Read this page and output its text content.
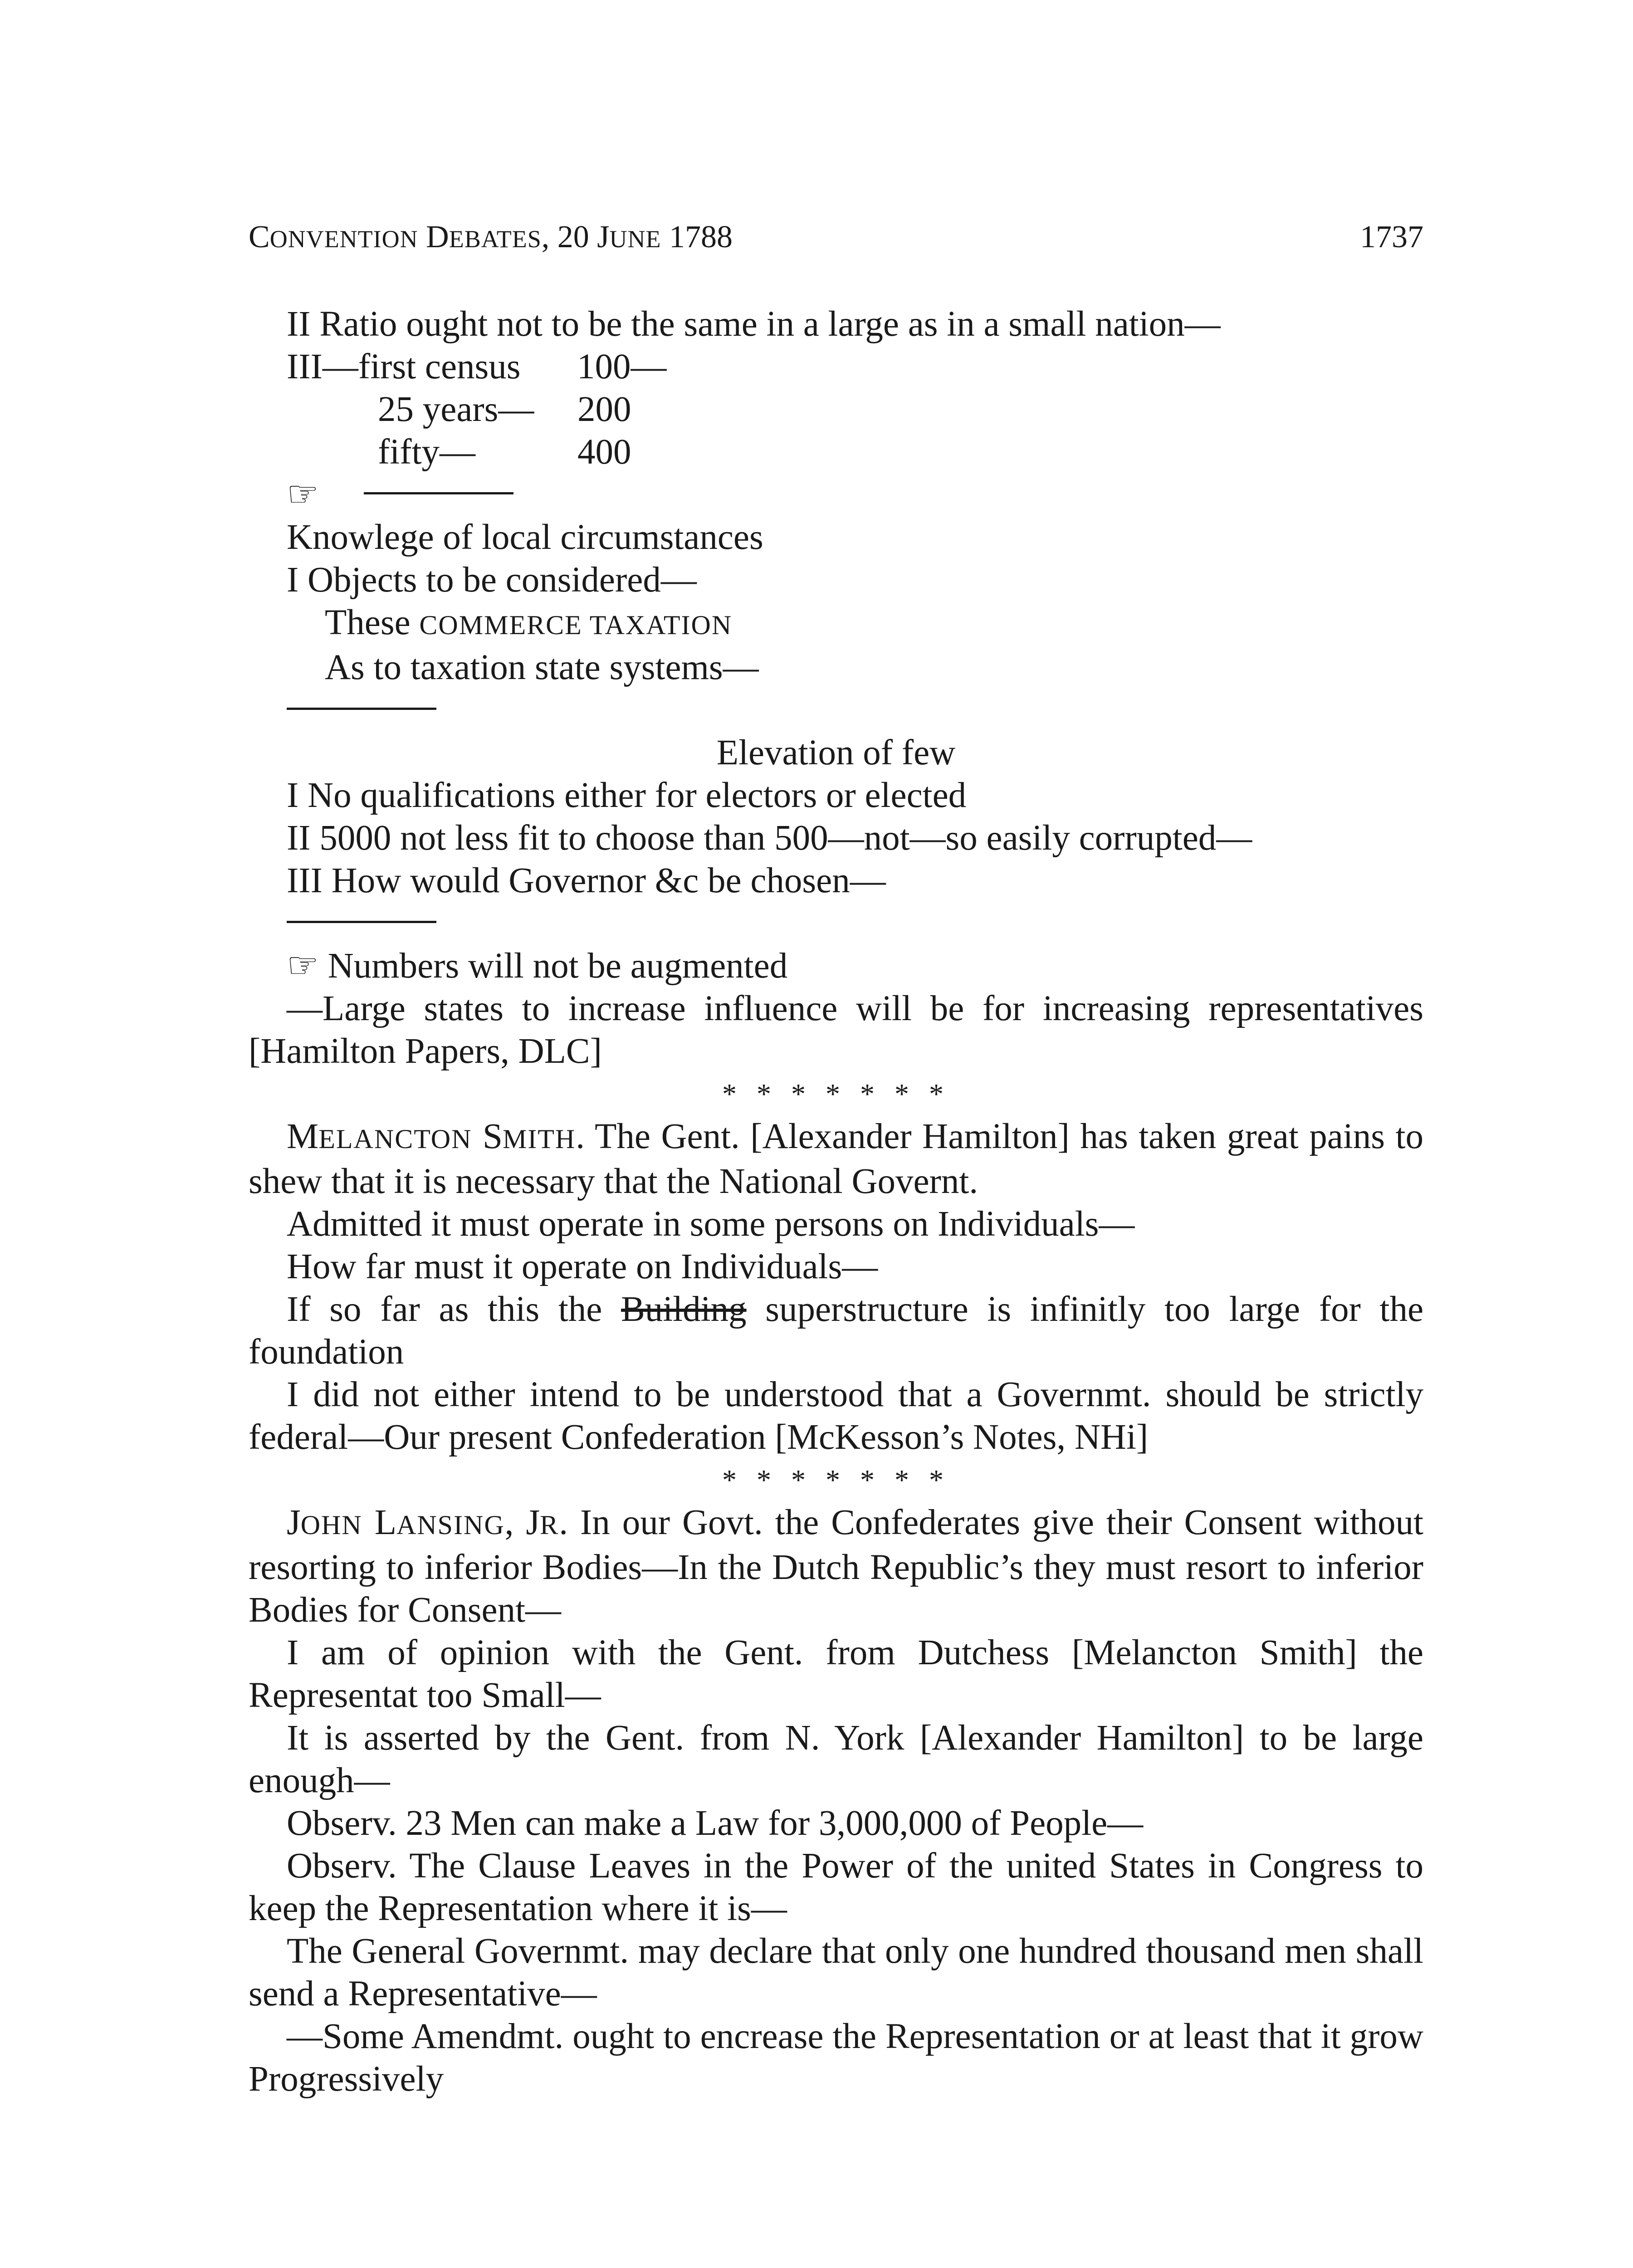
CONVENTION DEBATES, 20 JUNE 1788	1737

II Ratio ought not to be the same in a large as in a small nation—

III—first census	100—
25 years—	200
fifty—	400
☞

Knowlege of local circumstances

I Objects to be considered—

These COMMERCE TAXATION

As to taxation state systems—

Elevation of few

I No qualifications either for electors or elected

II 5000 not less fit to choose than 500—not—so easily corrupted—

III How would Governor &c be chosen—

☞ Numbers will not be augmented

—Large states to increase influence will be for increasing representatives [Hamilton Papers, DLC]

* * * * * * *

MELANCTON SMITH. The Gent. [Alexander Hamilton] has taken great pains to shew that it is necessary that the National Governt.

Admitted it must operate in some persons on Individuals—

How far must it operate on Individuals—

If so far as this the Building superstructure is infinitly too large for the foundation

I did not either intend to be understood that a Governmt. should be strictly federal—Our present Confederation [McKesson’s Notes, NHi]

* * * * * * *

JOHN LANSING, JR. In our Govt. the Confederates give their Consent without resorting to inferior Bodies—In the Dutch Republic’s they must resort to inferior Bodies for Consent—

I am of opinion with the Gent. from Dutchess [Melancton Smith] the Representat too Small—

It is asserted by the Gent. from N. York [Alexander Hamilton] to be large enough—

Observ. 23 Men can make a Law for 3,000,000 of People—

Observ. The Clause Leaves in the Power of the united States in Congress to keep the Representation where it is—

The General Governmt. may declare that only one hundred thousand men shall send a Representative—

—Some Amendmt. ought to encrease the Representation or at least that it grow Progressively
